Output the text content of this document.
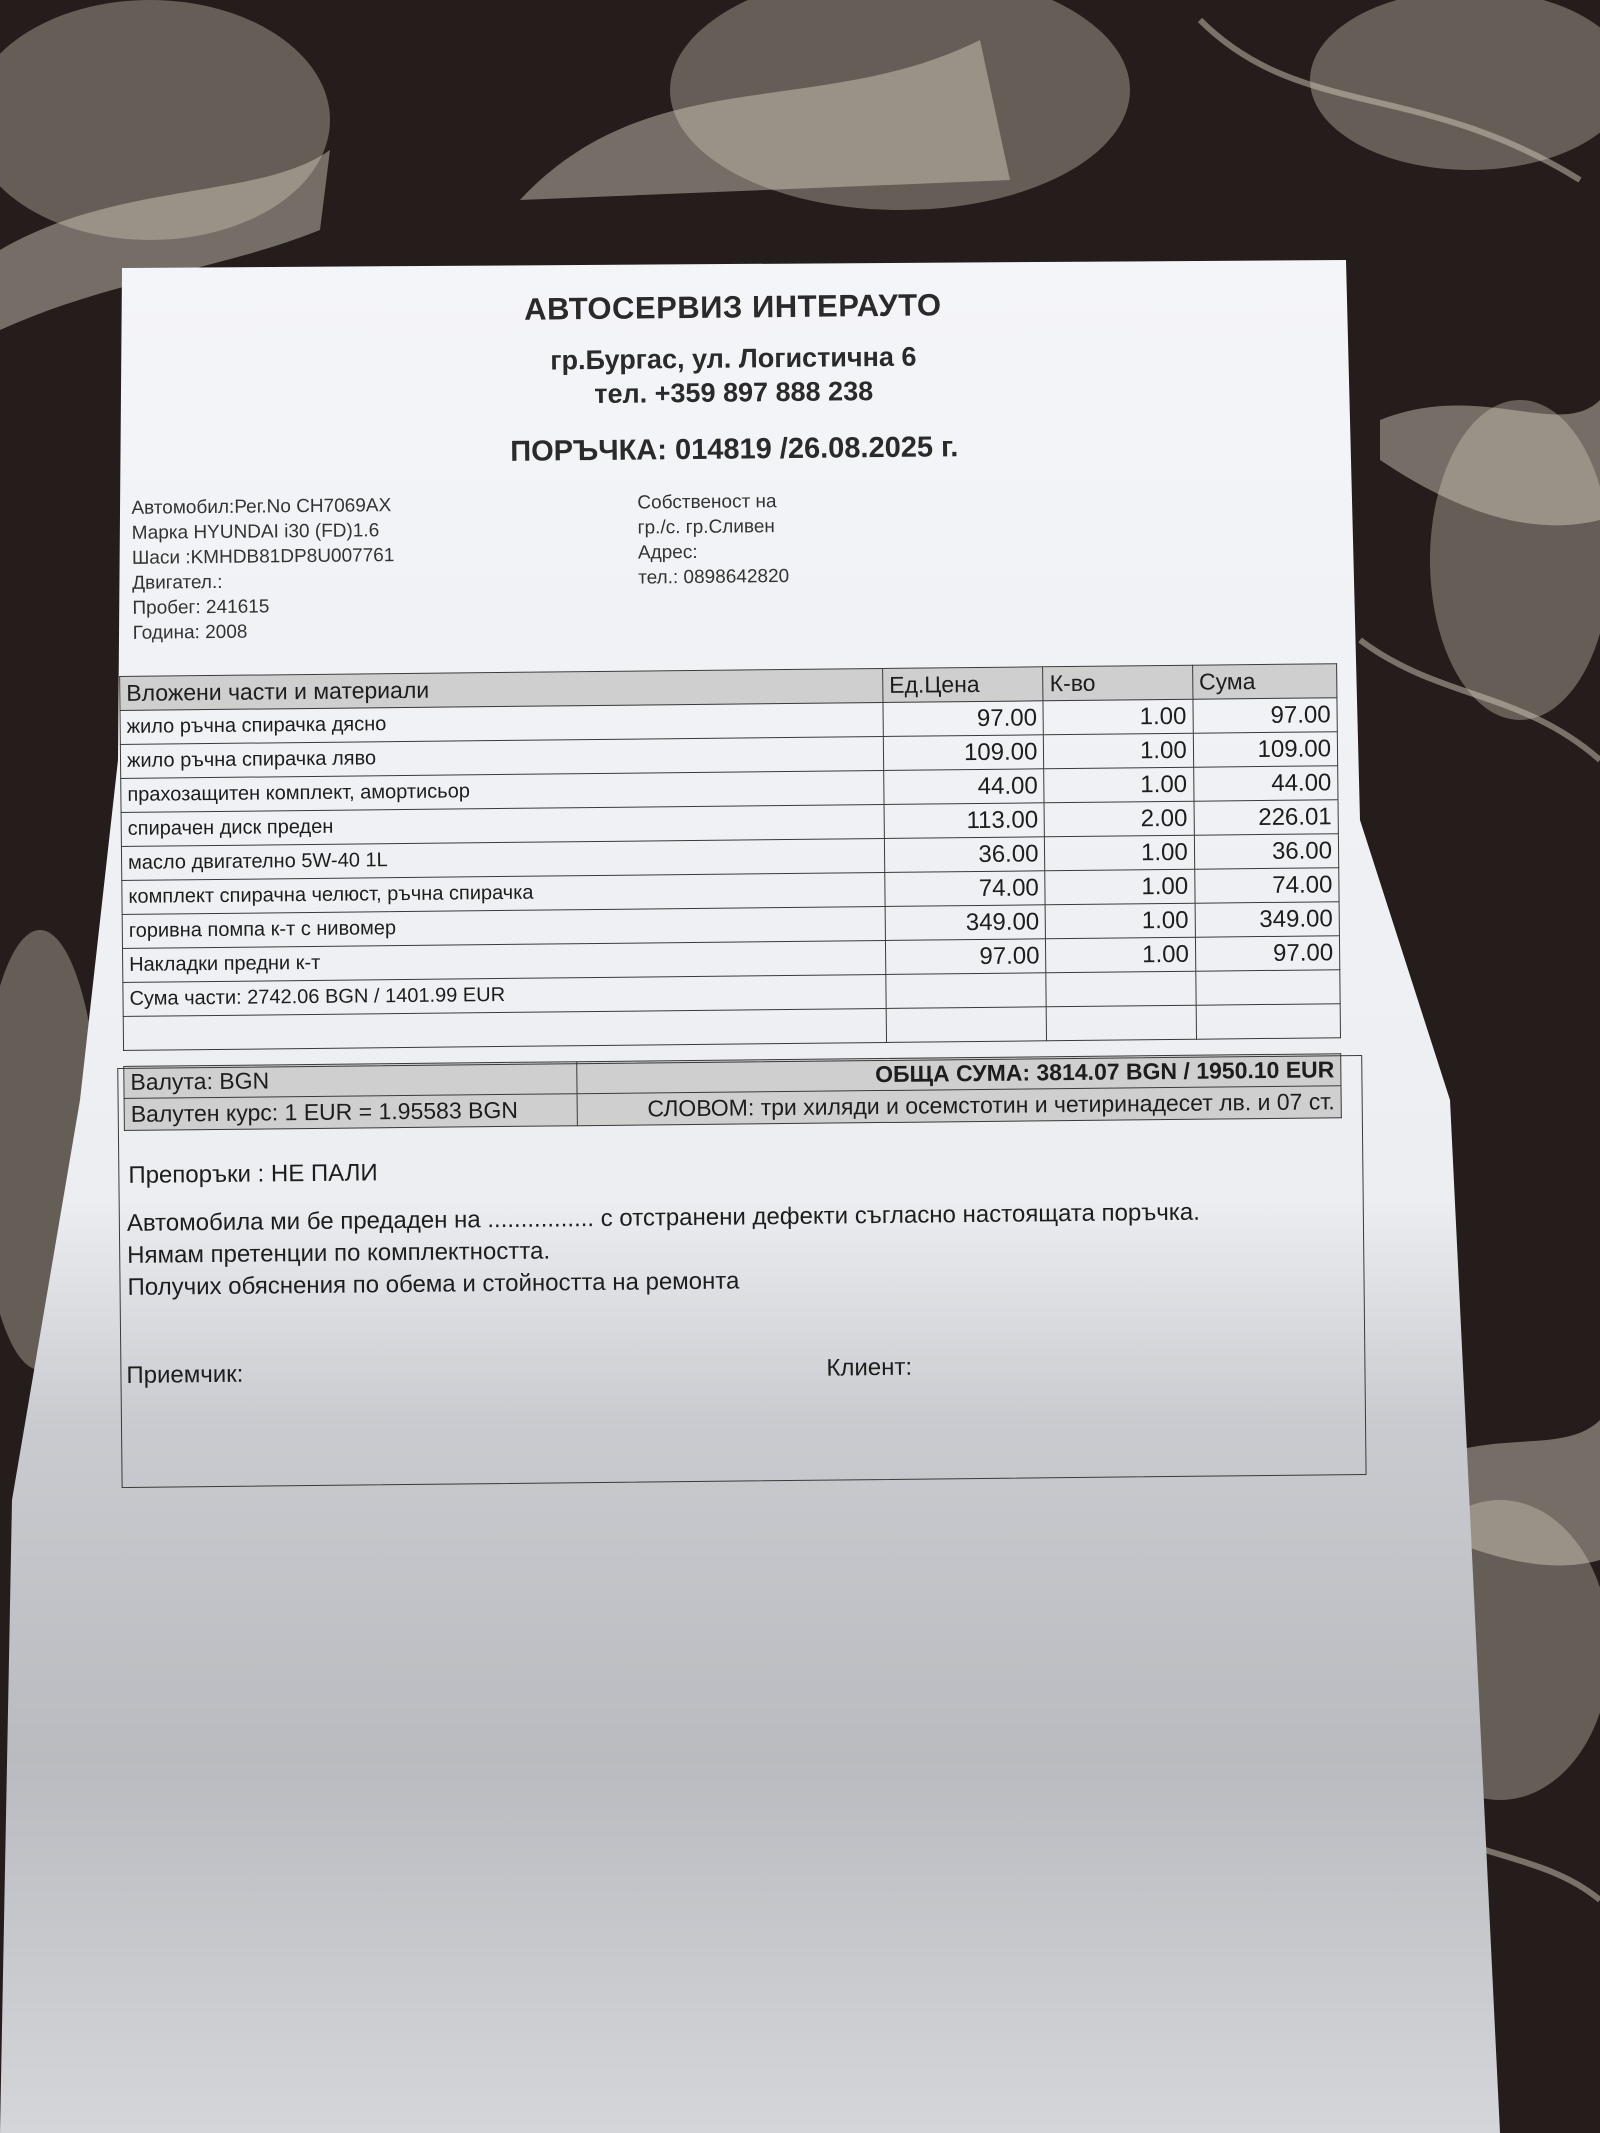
АВТОСЕРВИЗ ИНТЕРАУТО
гр.Бургас, ул. Логистична 6
тел. +359 897 888 238
ПОРЪЧКА: 014819 /26.08.2025 г.
Автомобил:Рег.No CH7069AX
Марка HYUNDAI i30 (FD)1.6
Шаси :KMHDB81DP8U007761
Двигател.:
Пробег: 241615
Година: 2008
Собственост на
гр./с. гр.Сливен
Адрес:
тел.: 0898642820
Вложени части и материали	Ед.Цена	К-во	Сума
жило ръчна спирачка дясно	97.00	1.00	97.00
жило ръчна спирачка ляво	109.00	1.00	109.00
прахозащитен комплект, амортисьор	44.00	1.00	44.00
спирачен диск преден	113.00	2.00	226.01
масло двигателно 5W-40 1L	36.00	1.00	36.00
комплект спирачна челюст, ръчна спирачка	74.00	1.00	74.00
горивна помпа к-т с нивомер	349.00	1.00	349.00
Накладки предни к-т	97.00	1.00	97.00
Сума части: 2742.06 BGN / 1401.99 EUR			

Валута: BGN	ОБЩА СУМА: 3814.07 BGN / 1950.10 EUR
Валутен курс: 1 EUR = 1.95583 BGN	СЛОВОМ: три хиляди и осемстотин и четиринадесет лв. и 07 ст.
Препоръки : НЕ ПАЛИ
Автомобила ми бе предаден на ................ с отстранени дефекти съгласно настоящата поръчка.
Нямам претенции по комплектността.
Получих обяснения по обема и стойността на ремонта
Приемчик:	Клиент:
